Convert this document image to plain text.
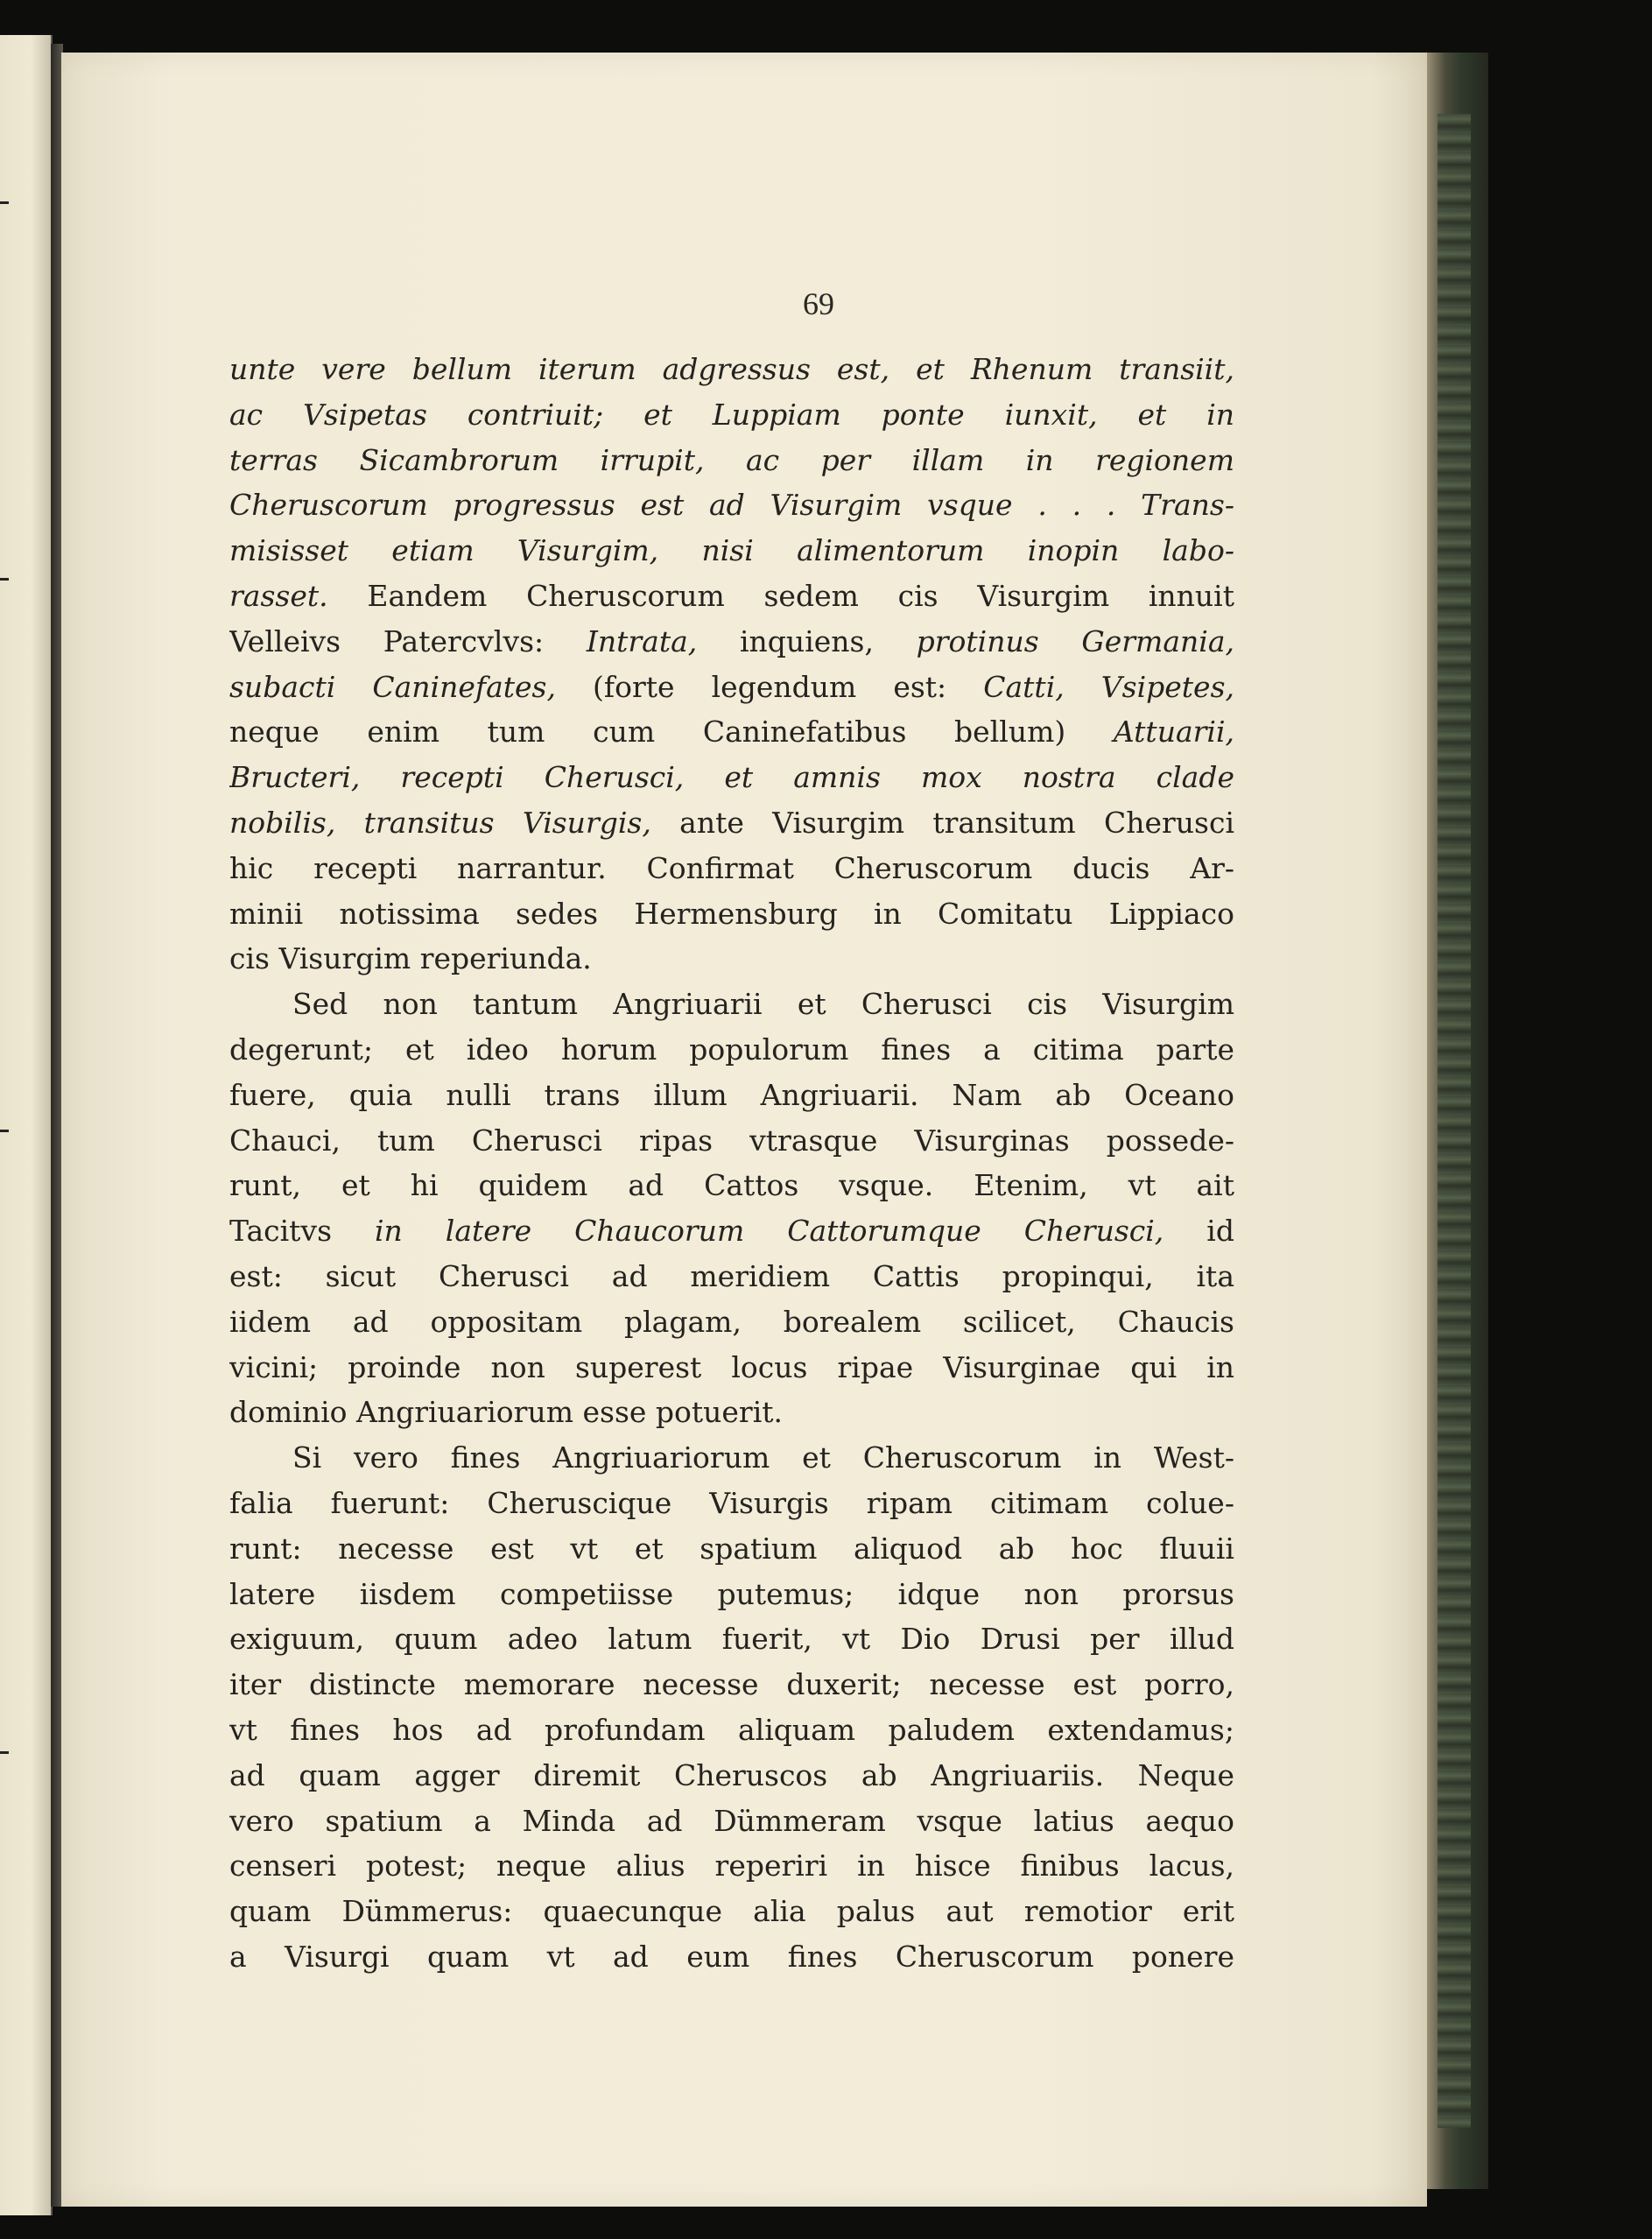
69
unte vere bellum iterum adgressus est, et Rhenum transiit,
ac Vsipetas contriuit; et Luppiam ponte iunxit, et in
terras Sicambrorum irrupit, ac per illam in regionem
Cheruscorum progressus est ad Visurgim vsque . . . Trans-
misisset etiam Visurgim, nisi alimentorum inopin labo-
rasset. Eandem Cheruscorum sedem cis Visurgim innuit
Velleivs Patercvlvs: Intrata, inquiens, protinus Germania,
subacti Caninefates, (forte legendum est: Catti, Vsipetes,
neque enim tum cum Caninefatibus bellum) Attuarii,
Bructeri, recepti Cherusci, et amnis mox nostra clade
nobilis, transitus Visurgis, ante Visurgim transitum Cherusci
hic recepti narrantur. Confirmat Cheruscorum ducis Ar-
minii notissima sedes Hermensburg in Comitatu Lippiaco
cis Visurgim reperiunda.
Sed non tantum Angriuarii et Cherusci cis Visurgim
degerunt; et ideo horum populorum fines a citima parte
fuere, quia nulli trans illum Angriuarii. Nam ab Oceano
Chauci, tum Cherusci ripas vtrasque Visurginas possede-
runt, et hi quidem ad Cattos vsque. Etenim, vt ait
Tacitvs in latere Chaucorum Cattorumque Cherusci, id
est: sicut Cherusci ad meridiem Cattis propinqui, ita
iidem ad oppositam plagam, borealem scilicet, Chaucis
vicini; proinde non superest locus ripae Visurginae qui in
dominio Angriuariorum esse potuerit.
Si vero fines Angriuariorum et Cheruscorum in West-
falia fuerunt: Cheruscique Visurgis ripam citimam colue-
runt: necesse est vt et spatium aliquod ab hoc fluuii
latere iisdem competiisse putemus; idque non prorsus
exiguum, quum adeo latum fuerit, vt Dio Drusi per illud
iter distincte memorare necesse duxerit; necesse est porro,
vt fines hos ad profundam aliquam paludem extendamus;
ad quam agger diremit Cheruscos ab Angriuariis. Neque
vero spatium a Minda ad Dümmeram vsque latius aequo
censeri potest; neque alius reperiri in hisce finibus lacus,
quam Dümmerus: quaecunque alia palus aut remotior erit
a Visurgi quam vt ad eum fines Cheruscorum ponere
